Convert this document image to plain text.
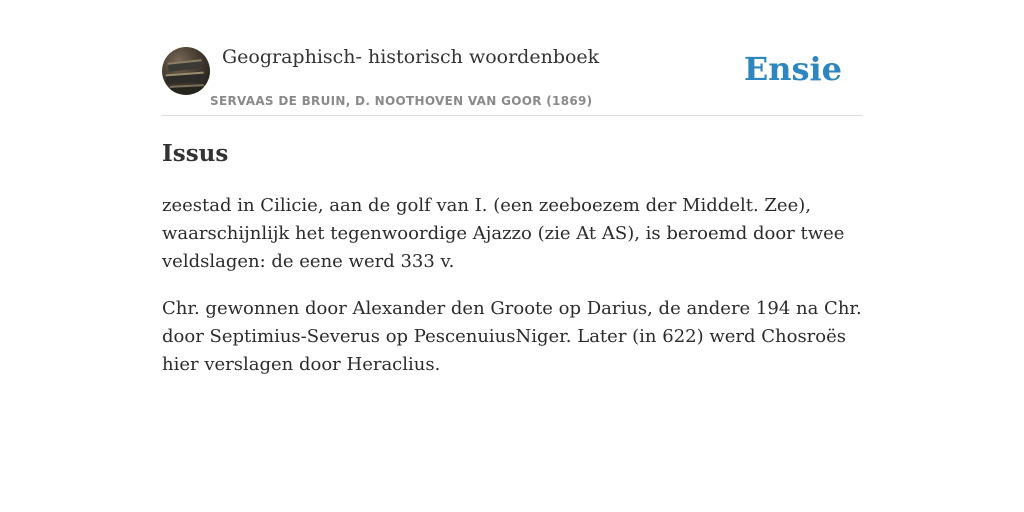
Geographisch- historisch woordenboek
SERVAAS DE BRUIN, D. NOOTHOVEN VAN GOOR (1869)
Ensie
Issus

zeestad in Cilicie, aan de golf van I. (een zeeboezem der Middelt. Zee), waarschijnlijk het tegenwoordige Ajazzo (zie At AS), is beroemd door twee veldslagen: de eene werd 333 v.

Chr. gewonnen door Alexander den Groote op Darius, de andere 194 na Chr. door Septimius-Severus op PescenuiusNiger. Later (in 622) werd Chosroës hier verslagen door Heraclius.
